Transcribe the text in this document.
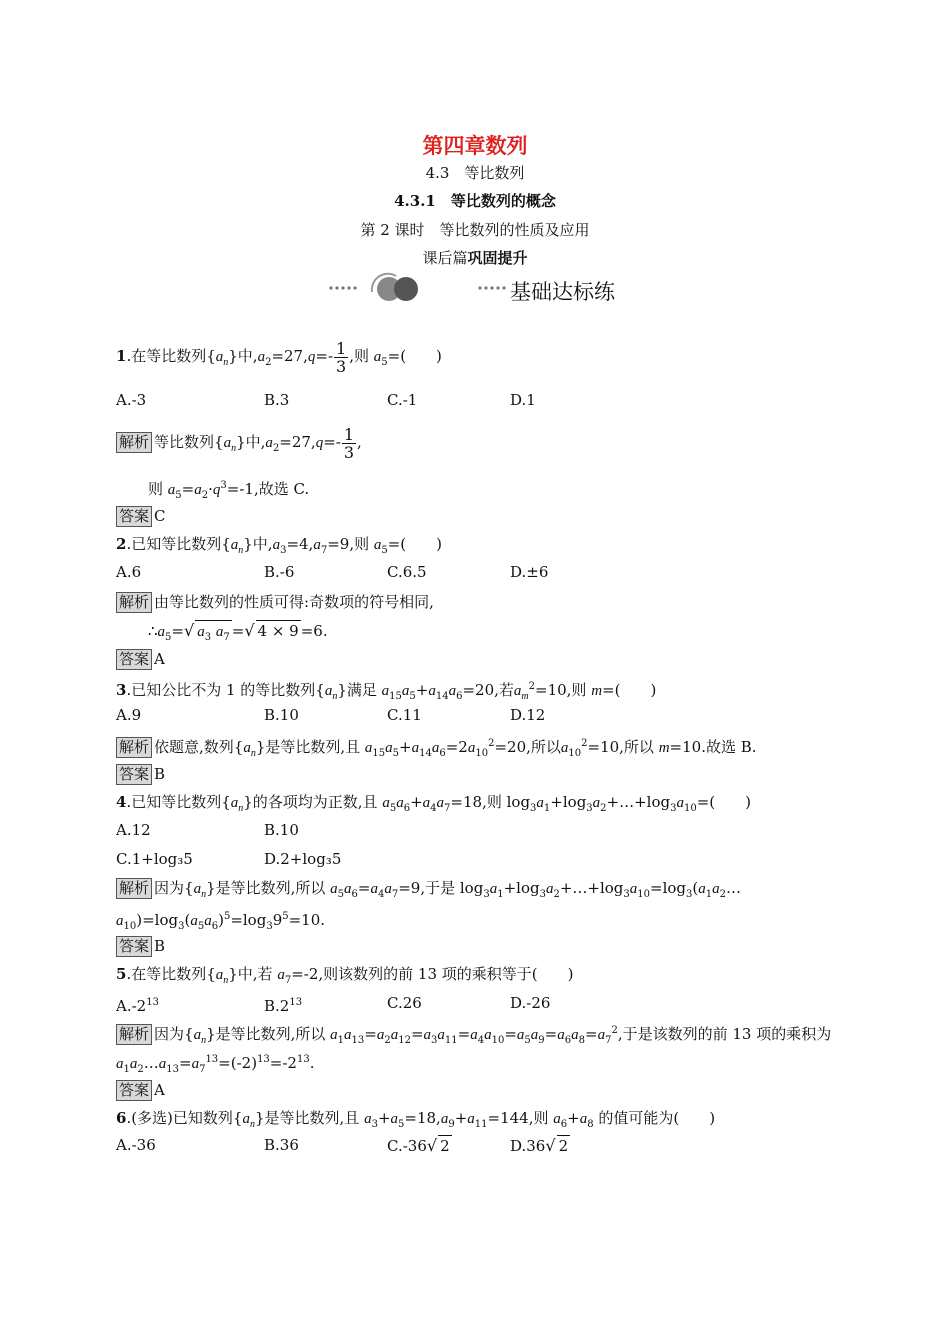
第四章数列
4.3　等比数列
4.3.1　等比数列的概念
第 2 课时　等比数列的性质及应用
课后篇巩固提升
基础达标练
1.在等比数列$\{a_n\}$中$,a_2=27,q=- \frac{1}{3}$ ,则 $a_5=$(　　)
A.-3	B.3	C.-1	D.1
解析 等比数列$\{a_n\}$中$,a_2=27,q=- \frac{1}{3}$ ,
则 $a_5=a_2\cdot q^3=-1$,故选 C.
答案 C
2.已知等比数列$\{a_n\}$中$,a_3=4,a_7=9$,则 $a_5=$(　　)
A.6	B.-6	C.6.5	D.±6
解析 由等比数列的性质可得:奇数项的符号相同,
$\therefore a_5=√$ $a_3$ $a_7$ =√ 4 × 9 =6.
答案 A
3.已知公比不为 1 的等比数列$\{a_n\}$满足 $a_{15}a_5+a_{14}a_6=20$,若$a_m^2=10$,则 m=(　　)
A.9	B.10	C.11	D.12
解析 依题意,数列$\{a_n\}$是等比数列,且 $a_{15}a_5+a_{14}a_6=2a_{10}^2=20$,所以$a_{10}^2=10$,所以 m=10.故选 B.
答案 B
4.已知等比数列$\{a_n\}$的各项均为正数,且 $a_5a_6+a_4a_7=18$,则 $\log_3a_1+\log_3a_2+\dots+\log_3a_{10}=$(　　)
A.12	B.10
C.1+log₃5	D.2+log₃5
解析 因为$\{a_n\}$是等比数列,所以 $a_5a_6=a_4a_7=9$,于是 $\log_3a_1+\log_3a_2+\dots+\log_3a_{10}=\log_3(a_1a_2\dots$
$a_{10})=\log_3(a_5a_6)^5=\log_39^5=10$.
答案 B
5.在等比数列$\{a_n\}$中,若 $a_7=-2$,则该数列的前 13 项的乘积等于(　　)
$A.-2^{13}$	$B.2^{13}$	C.26	D.-26
解析 因为$\{a_n\}$是等比数列,所以 $a_1a_{13}=a_2a_{12}=a_3a_{11}=a_4a_{10}=a_5a_9=a_6a_8=a_7^2$,于是该数列的前 13 项的乘积为
$a_1a_2\dots a_{13}=a_7^{13}=(-2)^{13}=-2^{13}$.
答案 A
6.(多选)已知数列$\{a_n\}$是等比数列,且 $a_3+a_5=18,a_9+a_{11}=144$,则 $a_6+a_8$ 的值可能为(　　)
A.-36	B.36	C.-36√ 2	D.36√ 2
